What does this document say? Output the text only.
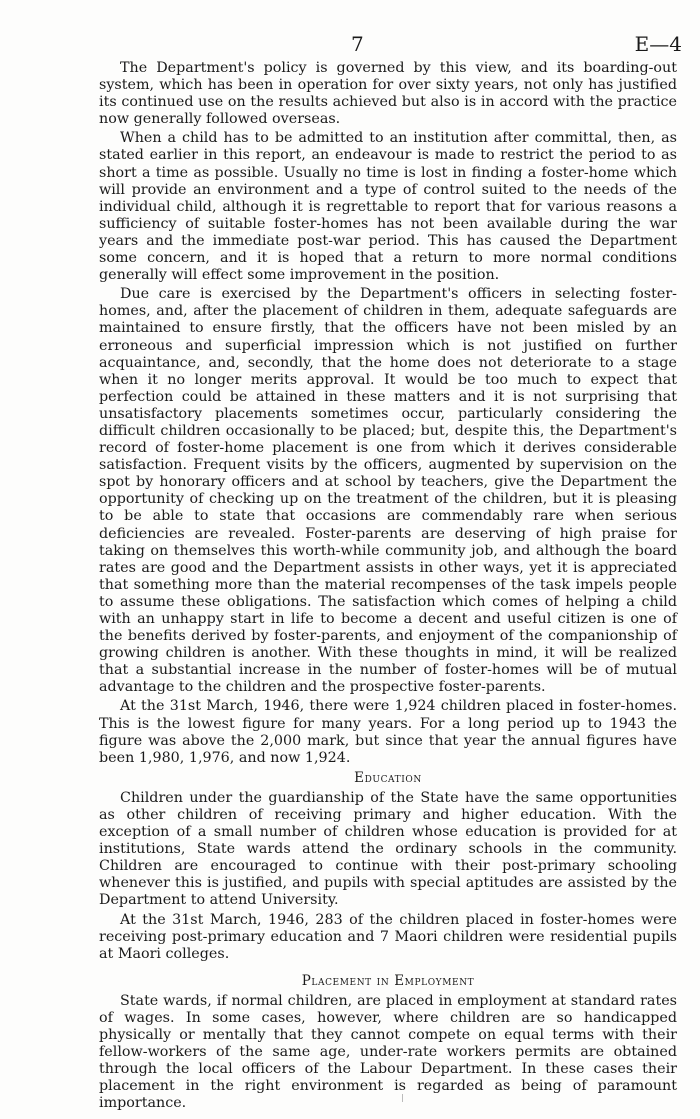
7	E—4

The Department's policy is governed by this view, and its boarding-out system, which has been in operation for over sixty years, not only has justified its continued use on the results achieved but also is in accord with the practice now generally followed overseas.

When a child has to be admitted to an institution after committal, then, as stated earlier in this report, an endeavour is made to restrict the period to as short a time as possible. Usually no time is lost in finding a foster-home which will provide an environment and a type of control suited to the needs of the individual child, although it is regrettable to report that for various reasons a sufficiency of suitable foster-homes has not been available during the war years and the immediate post-war period. This has caused the Department some concern, and it is hoped that a return to more normal conditions generally will effect some improvement in the position.

Due care is exercised by the Department's officers in selecting foster-homes, and, after the placement of children in them, adequate safeguards are maintained to ensure firstly, that the officers have not been misled by an erroneous and superficial impression which is not justified on further acquaintance, and, secondly, that the home does not deteriorate to a stage when it no longer merits approval. It would be too much to expect that perfection could be attained in these matters and it is not surprising that unsatisfactory placements sometimes occur, particularly considering the difficult children occasionally to be placed; but, despite this, the Department's record of foster-home placement is one from which it derives considerable satisfaction. Frequent visits by the officers, augmented by supervision on the spot by honorary officers and at school by teachers, give the Department the opportunity of checking up on the treatment of the children, but it is pleasing to be able to state that occasions are commendably rare when serious deficiencies are revealed. Foster-parents are deserving of high praise for taking on themselves this worth-while community job, and although the board rates are good and the Department assists in other ways, yet it is appreciated that something more than the material recompenses of the task impels people to assume these obligations. The satisfaction which comes of helping a child with an unhappy start in life to become a decent and useful citizen is one of the benefits derived by foster-parents, and enjoyment of the companionship of growing children is another. With these thoughts in mind, it will be realized that a substantial increase in the number of foster-homes will be of mutual advantage to the children and the prospective foster-parents.

At the 31st March, 1946, there were 1,924 children placed in foster-homes. This is the lowest figure for many years. For a long period up to 1943 the figure was above the 2,000 mark, but since that year the annual figures have been 1,980, 1,976, and now 1,924.

Education

Children under the guardianship of the State have the same opportunities as other children of receiving primary and higher education. With the exception of a small number of children whose education is provided for at institutions, State wards attend the ordinary schools in the community. Children are encouraged to continue with their post-primary schooling whenever this is justified, and pupils with special aptitudes are assisted by the Department to attend University.

At the 31st March, 1946, 283 of the children placed in foster-homes were receiving post-primary education and 7 Maori children were residential pupils at Maori colleges.

Placement in Employment

State wards, if normal children, are placed in employment at standard rates of wages. In some cases, however, where children are so handicapped physically or mentally that they cannot compete on equal terms with their fellow-workers of the same age, under-rate workers permits are obtained through the local officers of the Labour Department. In these cases their placement in the right environment is regarded as being of paramount importance.
